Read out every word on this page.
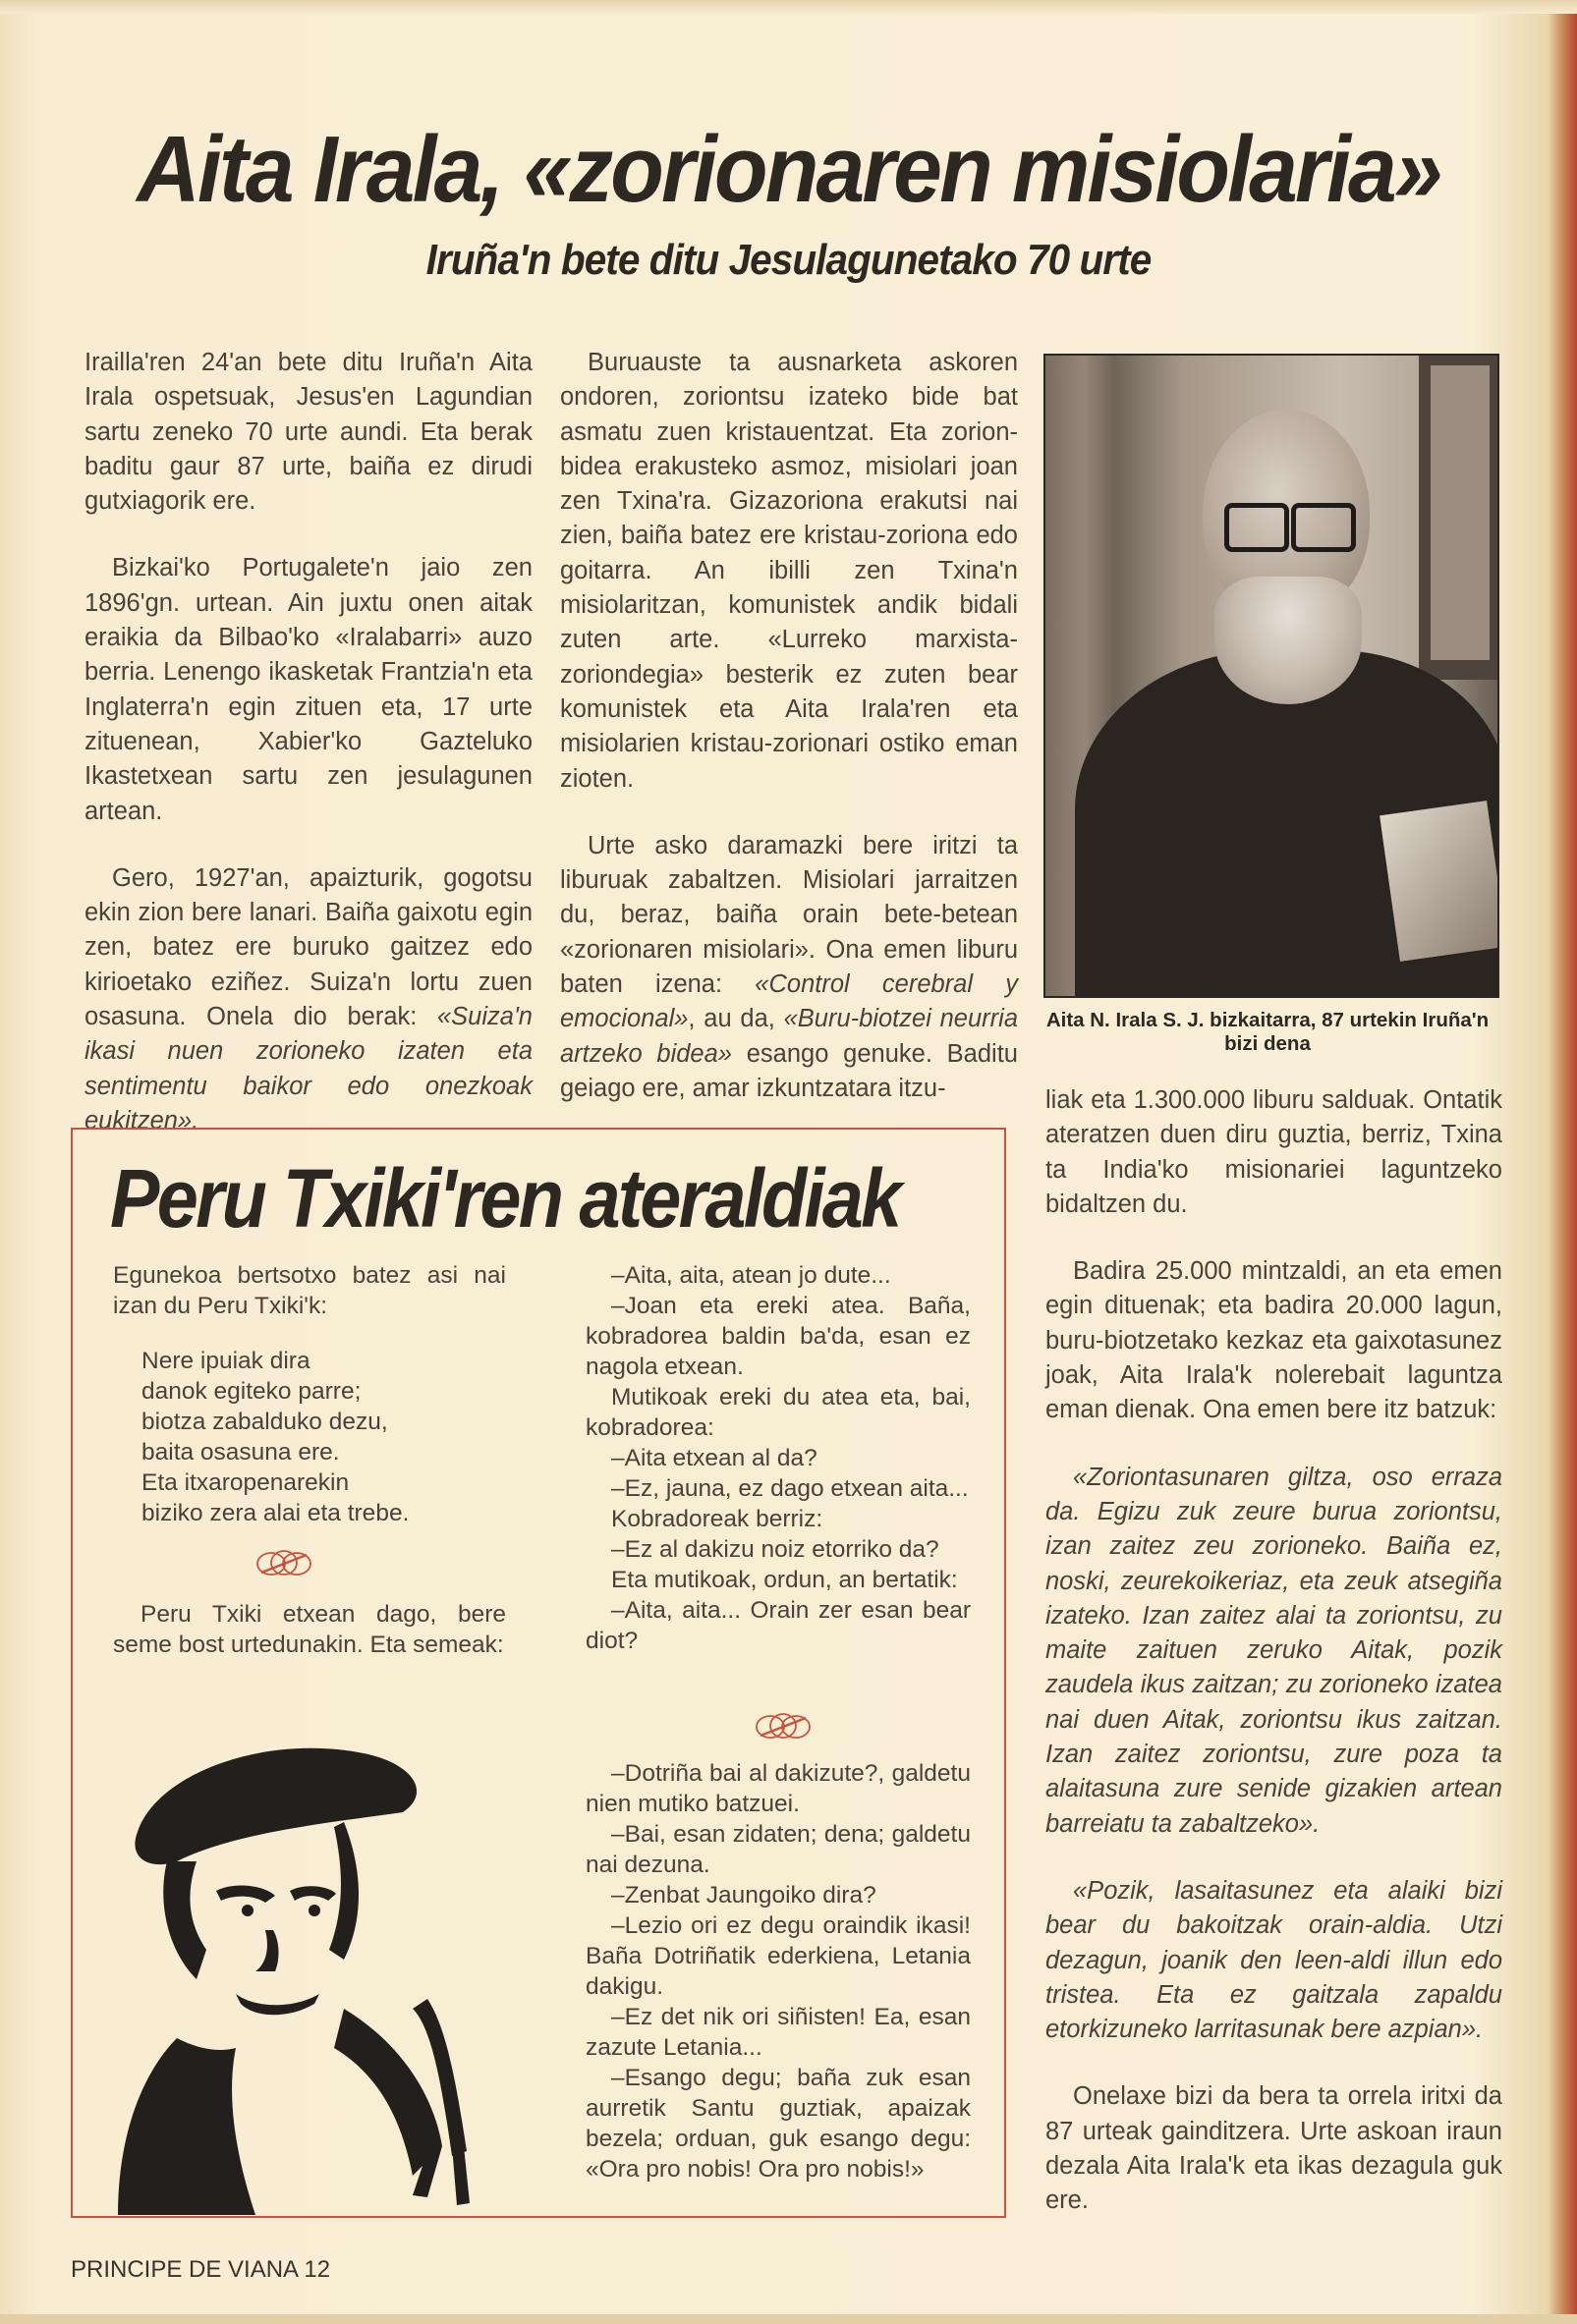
Aita Irala, «zorionaren misiolaria»
Iruña'n bete ditu Jesulagunetako 70 urte

Irailla'ren 24'an bete ditu Iruña'n Aita Irala ospetsuak, Jesus'en Lagundian sartu zeneko 70 urte aundi. Eta berak baditu gaur 87 urte, baiña ez dirudi gutxiagorik ere.

Bizkai'ko Portugalete'n jaio zen 1896'gn. urtean. Ain juxtu onen aitak eraikia da Bilbao'ko «Iralabarri» auzo berria. Lenengo ikasketak Frantzia'n eta Inglaterra'n egin zituen eta, 17 urte zituenean, Xabier'ko Gazteluko Ikastetxean sartu zen jesulagunen artean.

Gero, 1927'an, apaizturik, gogotsu ekin zion bere lanari. Baiña gaixotu egin zen, batez ere buruko gaitzez edo kirioetako eziñez. Suiza'n lortu zuen osasuna. Onela dio berak: «Suiza'n ikasi nuen zorioneko izaten eta sentimentu baikor edo onezkoak eukitzen».

Buruauste ta ausnarketa askoren ondoren, zoriontsu izateko bide bat asmatu zuen kristauentzat. Eta zorion-bidea erakusteko asmoz, misiolari joan zen Txina'ra. Gizazoriona erakutsi nai zien, baiña batez ere kristau-zoriona edo goitarra. An ibilli zen Txina'n misiolaritzan, komunistek andik bidali zuten arte. «Lurreko marxista-zoriondegia» besterik ez zuten bear komunistek eta Aita Irala'ren eta misiolarien kristau-zorionari ostiko eman zioten.

Urte asko daramazki bere iritzi ta liburuak zabaltzen. Misiolari jarraitzen du, beraz, baiña orain bete-betean «zorionaren misiolari». Ona emen liburu baten izena: «Control cerebral y emocional», au da, «Buru-biotzei neurria artzeko bidea» esango genuke. Baditu geiago ere, amar izkuntzatara itzu-

Aita N. Irala S. J. bizkaitarra, 87 urtekin Iruña'n bizi dena

liak eta 1.300.000 liburu salduak. Ontatik ateratzen duen diru guztia, berriz, Txina ta India'ko misionariei laguntzeko bidaltzen du.

Badira 25.000 mintzaldi, an eta emen egin dituenak; eta badira 20.000 lagun, buru-biotzetako kezkaz eta gaixotasunez joak, Aita Irala'k nolerebait laguntza eman dienak. Ona emen bere itz batzuk:

«Zoriontasunaren giltza, oso erraza da. Egizu zuk zeure burua zoriontsu, izan zaitez zeu zorioneko. Baiña ez, noski, zeurekoikeriaz, eta zeuk atsegiña izateko. Izan zaitez alai ta zoriontsu, zu maite zaituen zeruko Aitak, pozik zaudela ikus zaitzan; zu zorioneko izatea nai duen Aitak, zoriontsu ikus zaitzan. Izan zaitez zoriontsu, zure poza ta alaitasuna zure senide gizakien artean barreiatu ta zabaltzeko».

«Pozik, lasaitasunez eta alaiki bizi bear du bakoitzak orain-aldia. Utzi dezagun, joanik den leen-aldi illun edo tristea. Eta ez gaitzala zapaldu etorkizuneko larritasunak bere azpian».

Onelaxe bizi da bera ta orrela iritxi da 87 urteak gainditzera. Urte askoan iraun dezala Aita Irala'k eta ikas dezagula guk ere.

Peru Txiki'ren ateraldiak

Egunekoa bertsotxo batez asi nai izan du Peru Txiki'k:

Nere ipuiak dira
danok egiteko parre;
biotza zabalduko dezu,
baita osasuna ere.
Eta itxaropenarekin
biziko zera alai eta trebe.

Peru Txiki etxean dago, bere seme bost urtedunakin. Eta semeak:

–Aita, aita, atean jo dute...

–Joan eta ereki atea. Baña, kobradorea baldin ba'da, esan ez nagola etxean.

Mutikoak ereki du atea eta, bai, kobradorea:

–Aita etxean al da?

–Ez, jauna, ez dago etxean aita...

Kobradoreak berriz:

–Ez al dakizu noiz etorriko da?

Eta mutikoak, ordun, an bertatik:

–Aita, aita... Orain zer esan bear diot?

–Dotriña bai al dakizute?, galdetu nien mutiko batzuei.

–Bai, esan zidaten; dena; galdetu nai dezuna.

–Zenbat Jaungoiko dira?

–Lezio ori ez degu oraindik ikasi! Baña Dotriñatik ederkiena, Letania dakigu.

–Ez det nik ori siñisten! Ea, esan zazute Letania...

–Esango degu; baña zuk esan aurretik Santu guztiak, apaizak bezela; orduan, guk esango degu: «Ora pro nobis! Ora pro nobis!»

PRINCIPE DE VIANA 12
